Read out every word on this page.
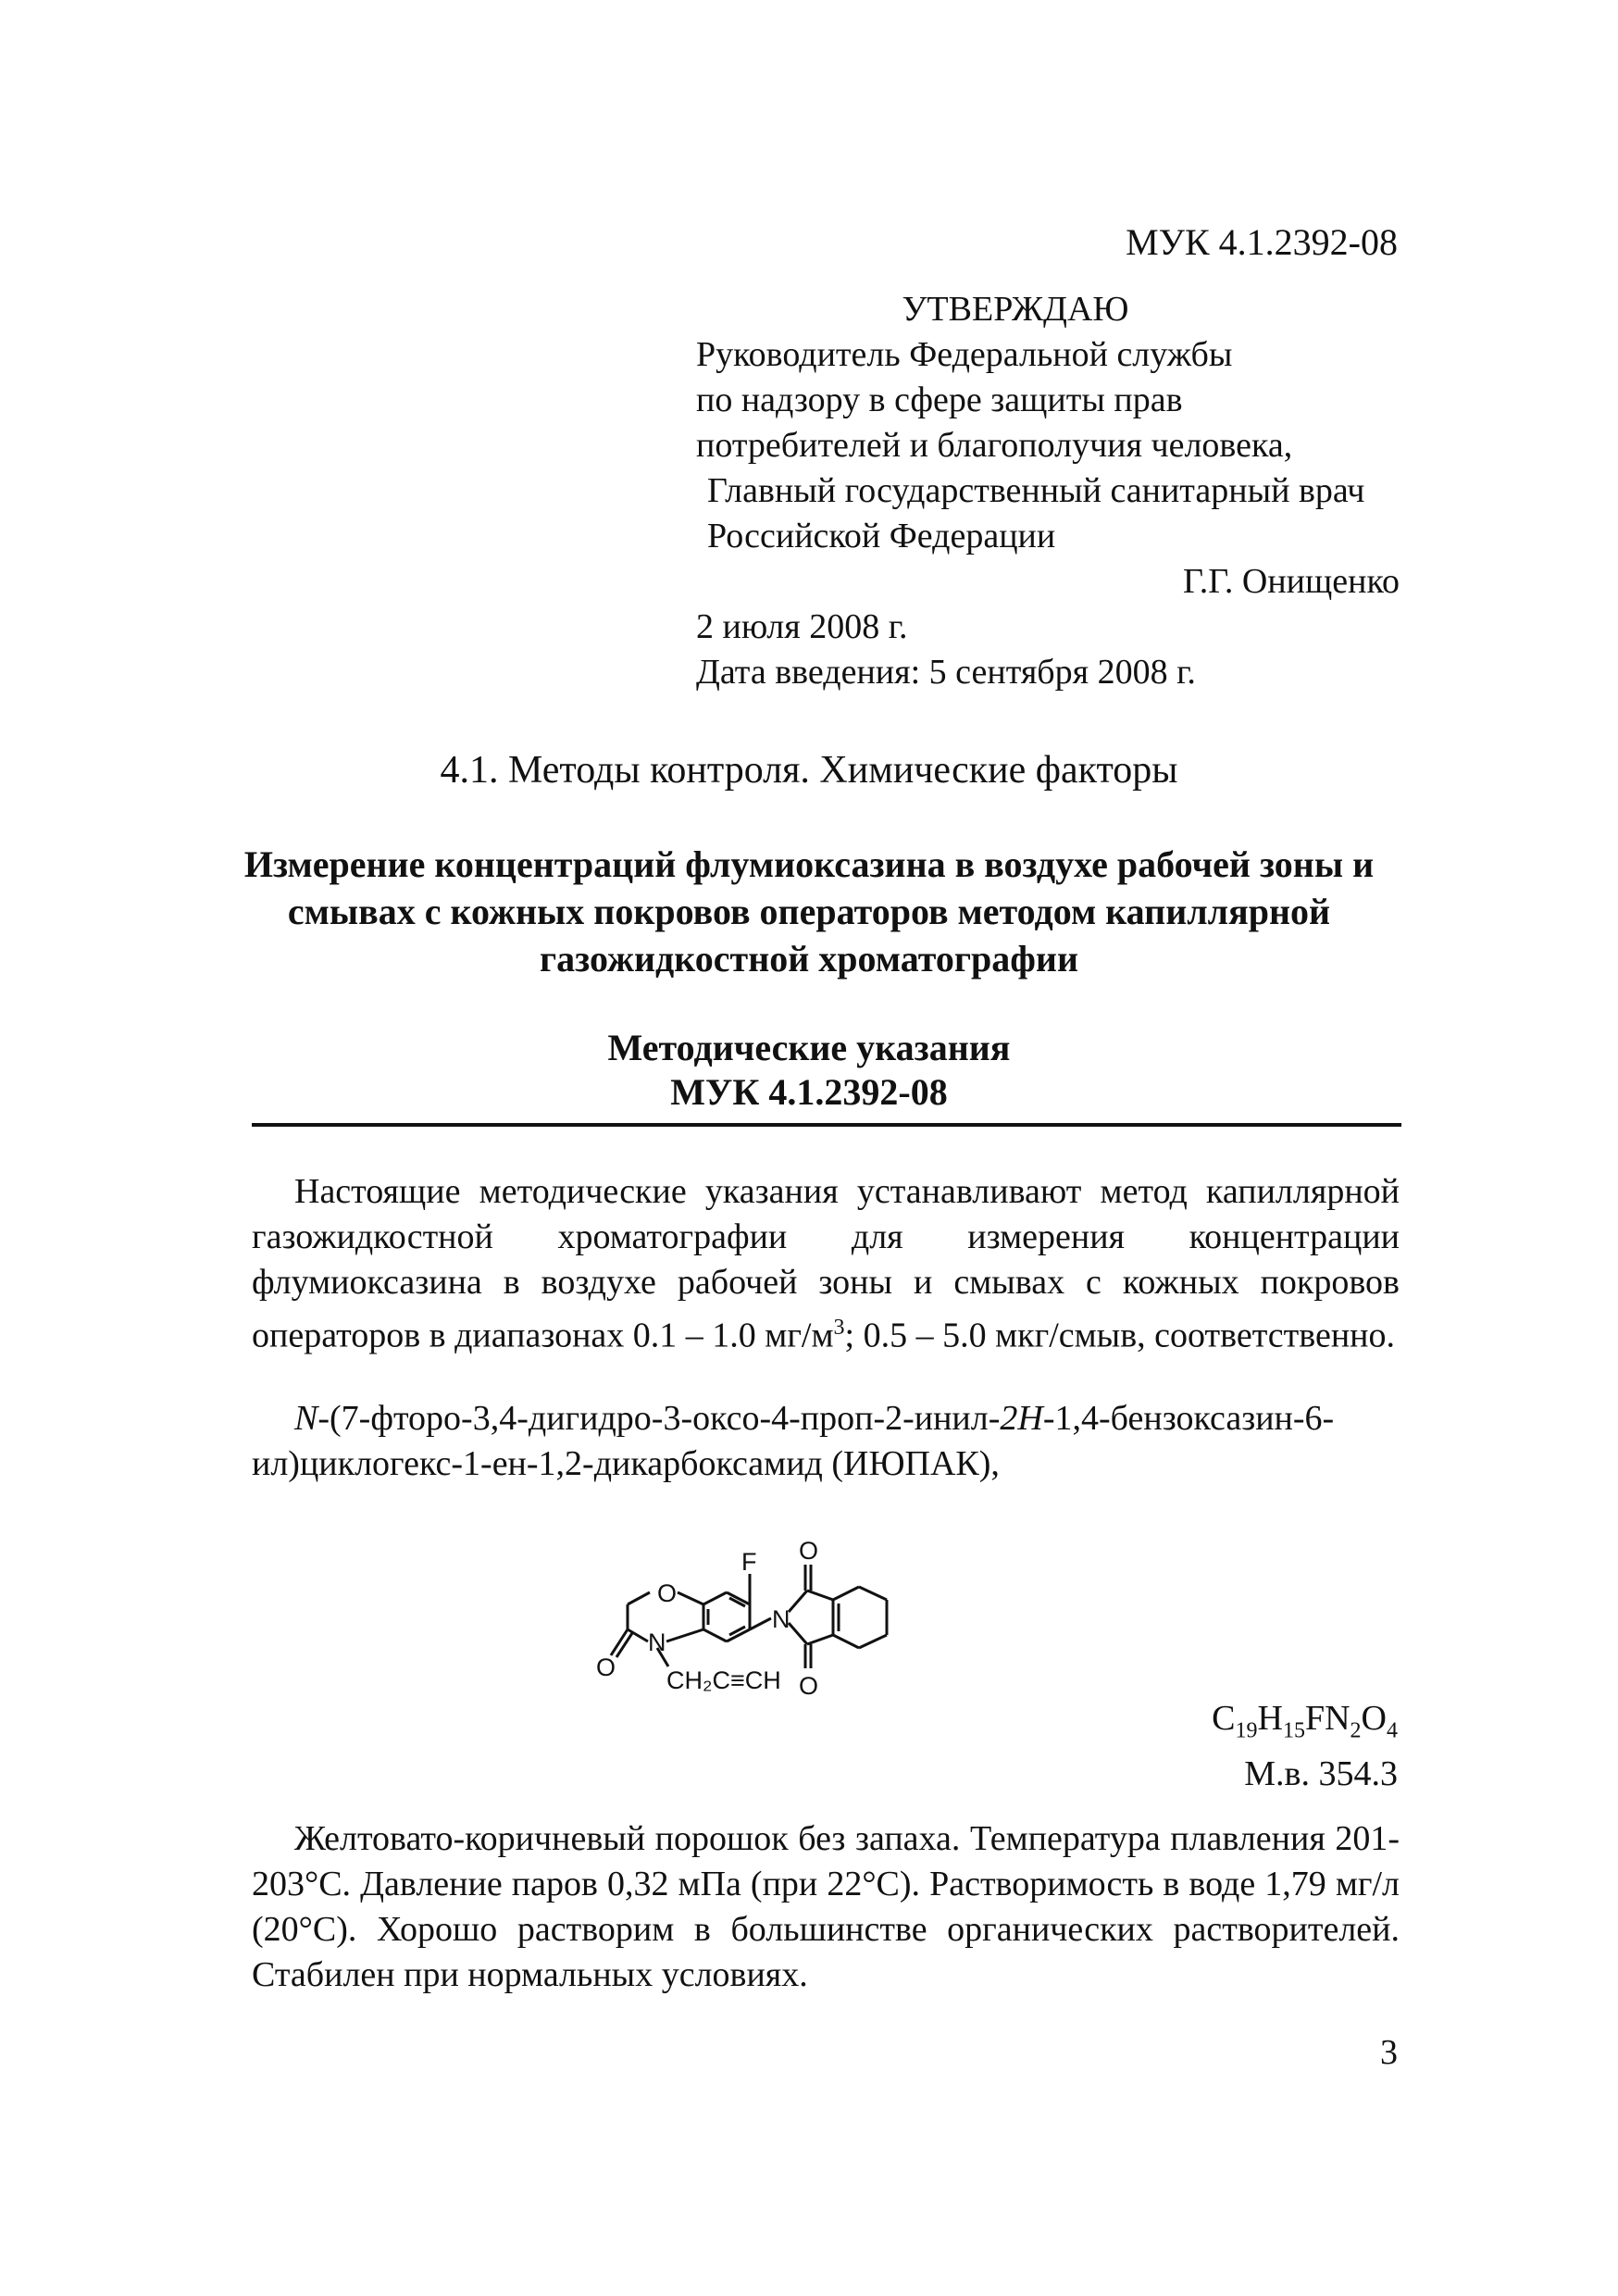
МУК 4.1.2392-08
УТВЕРЖДАЮ
Руководитель Федеральной службы
по надзору в сфере защиты прав
потребителей и благополучия человека,
Главный государственный санитарный врач
Российской Федерации
Г.Г. Онищенко
2 июля 2008 г.
Дата введения: 5 сентября 2008 г.
4.1. Методы контроля. Химические факторы
Измерение концентраций флумиоксазина в воздухе рабочей зоны и смывах с кожных покровов операторов методом капиллярной газожидкостной хроматографии
Методические указания
МУК 4.1.2392-08
Настоящие методические указания устанавливают метод капиллярной газожидкостной хроматографии для измерения концентрации флумиоксазина в воздухе рабочей зоны и смывах с кожных покровов операторов в диапазонах 0.1 – 1.0 $мг/м^3$; 0.5 – 5.0 мкг/смыв, соответственно.
N-(7-фторо-3,4-дигидро-3-оксо-4-проп-2-инил-2H-1,4-бензоксазин-6-ил)циклогекс-1-ен-1,2-дикарбоксамид (ИЮПАК),
F
O
N
O
N
O
O
CH₂C≡CH
$C_{19}H_{15}FN_2O_4$
М.в. 354.3
Желтовато-коричневый порошок без запаха. Температура плавления 201-203°С. Давление паров 0,32 мПа (при 22°С). Растворимость в воде 1,79 мг/л (20°С). Хорошо растворим в большинстве органических растворителей. Стабилен при нормальных условиях.
3
